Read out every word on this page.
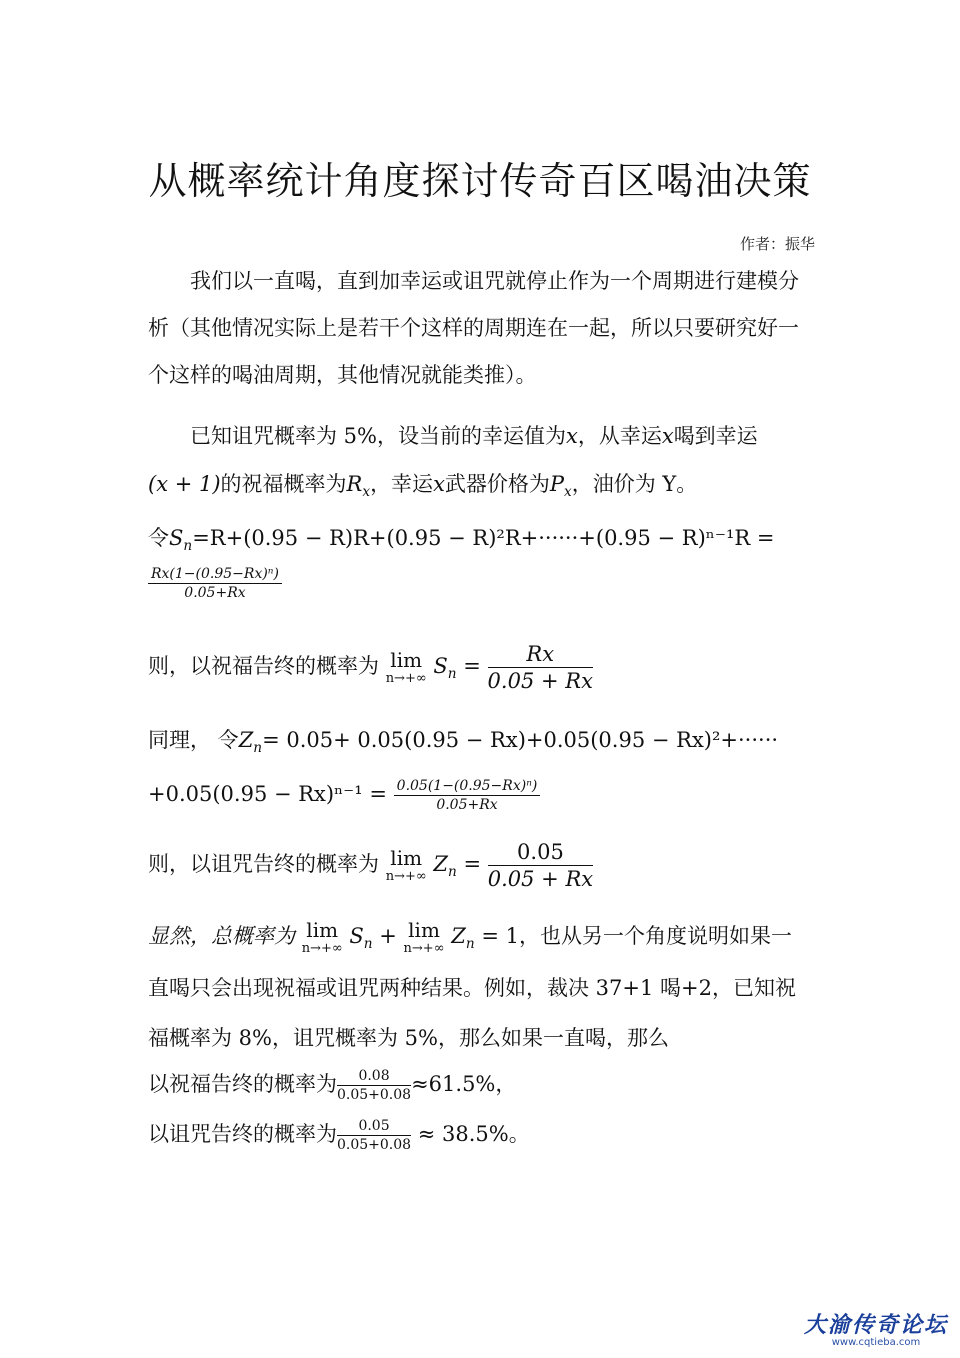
从概率统计角度探讨传奇百区喝油决策
作者：振华
我们以一直喝，直到加幸运或诅咒就停止作为一个周期进行建模分析（其他情况实际上是若干个这样的周期连在一起，所以只要研究好一个这样的喝油周期，其他情况就能类推）。
已知诅咒概率为 5%，设当前的幸运值为x，从幸运x喝到幸运
(x + 1)的祝福概率为$R_x$，幸运x武器价格为$P_x$，油价为 Y。
令$S_n=R+(0.95 - R)R+(0.95 - R)^2R+\cdot\cdot\cdot\cdot\cdot\cdot+(0.95 - R)^{n-1}R$ =
$\frac{\text{Rx(1−(0.95−Rx)ⁿ)}}{0.05+Rx}$
则，以祝福告终的概率为 lim
n→+∞
$S_n = \frac{Rx}{0.05 + Rx}$
同理， 令$Z_n= 0.05+ 0.05(0.95 - Rx)+0.05(0.95 - Rx)^2+\cdot\cdot\cdot\cdot\cdot\cdot$
$+0.05(0.95 - Rx)^{n-1} = \frac{\text{0.05(1−(0.95−Rx)ⁿ)}}{0.05+Rx}$
则，以诅咒告终的概率为 lim
n→+∞
$Z_n = \frac{0.05}{0.05 + Rx}$
显然，总概率为 lim
n→+∞
$S_n + \lim$
n→+∞
$Z_n = 1$，也从另一个角度说明如果一
直喝只会出现祝福或诅咒两种结果。例如，裁决 37+1 喝+2，已知祝
福概率为 8%，诅咒概率为 5%，那么如果一直喝，那么
以祝福告终的概率为 $\frac{0.08}{0.05+0.08} \approx 61.5\%$，
以诅咒告终的概率为 $\frac{0.05}{0.05+0.08} \approx 38.5\%$。
大渝传奇论坛
www.cqtieba.com
